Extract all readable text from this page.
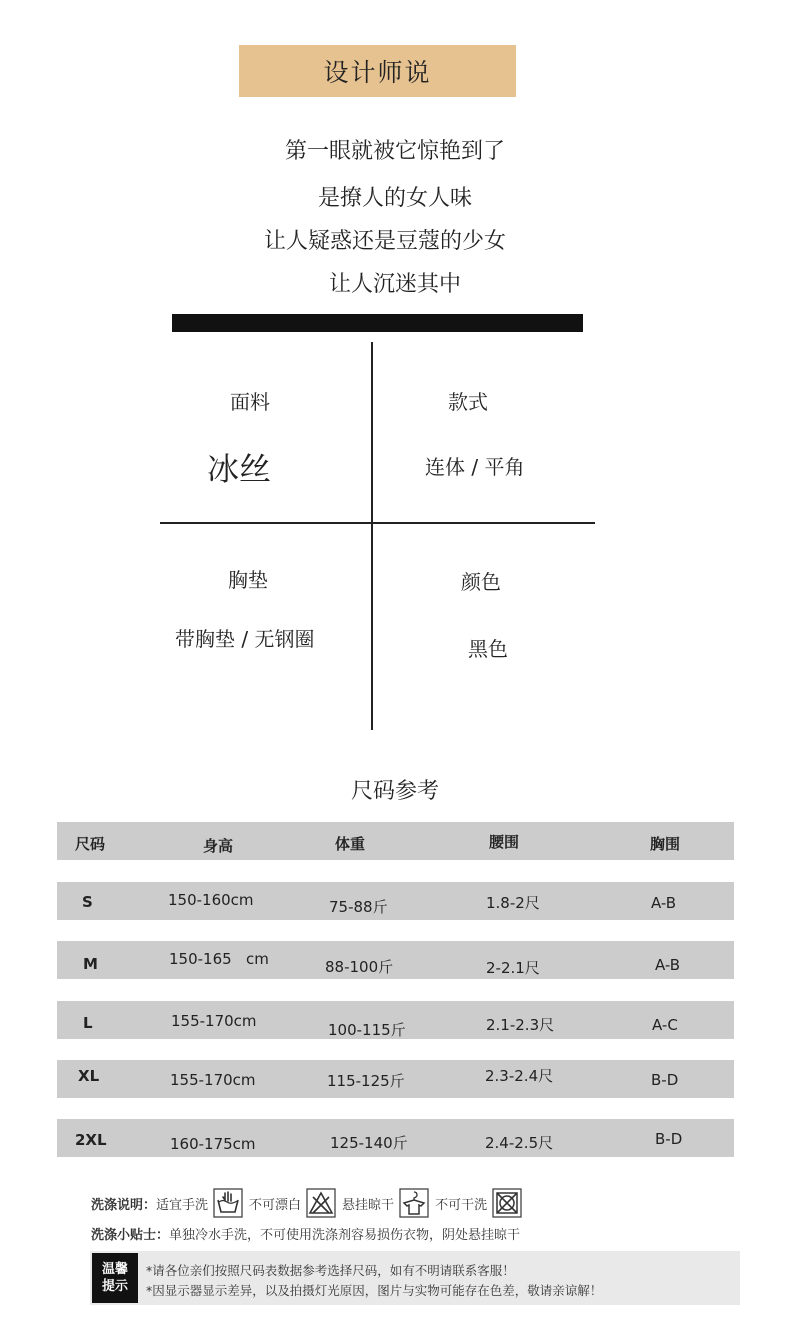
设计师说
第一眼就被它惊艳到了
是撩人的女人味
让人疑惑还是豆蔻的少女
让人沉迷其中
面料
冰丝
款式
连体 / 平角
胸垫
带胸垫 / 无钢圈
颜色
黑色
尺码参考
尺码	身高	体重	腰围	胸围
S	150-160cm	75-88斤	1.8-2尺	A-B
M	150-165   cm	88-100斤	2-2.1尺	A-B
L	155-170cm	100-115斤	2.1-2.3尺	A-C
XL	155-170cm	115-125斤	2.3-2.4尺	B-D
2XL	160-175cm	125-140斤	2.4-2.5尺	B-D
洗涤说明： 适宜手洗	不可漂白	悬挂晾干	不可干洗
洗涤小贴士： 单独冷水手洗，不可使用洗涤剂容易损伤衣物，阴处悬挂晾干
温馨
提示
*请各位亲们按照尺码表数据参考选择尺码，如有不明请联系客服！
*因显示器显示差异，以及拍摄灯光原因，图片与实物可能存在色差，敬请亲谅解！
